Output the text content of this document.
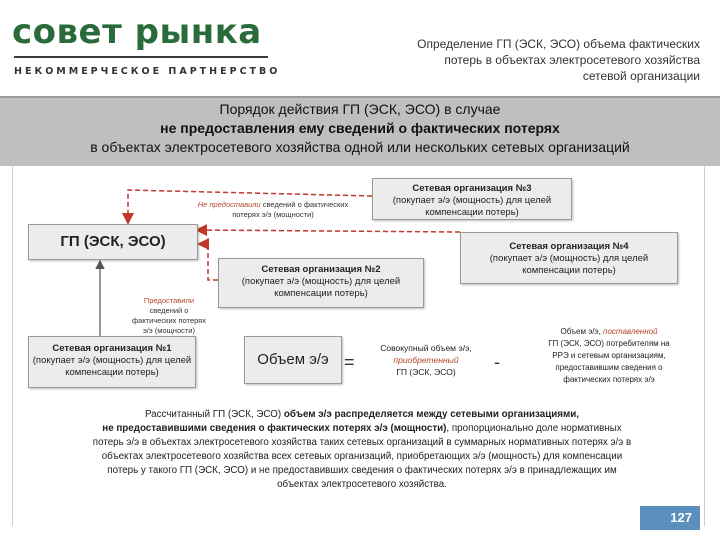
совет рынка
НЕКОММЕРЧЕСКОЕ ПАРТНЕРСТВО
Определение ГП (ЭСК, ЭСО) объема фактических
потерь в объектах электросетевого хозяйства
сетевой организации
Порядок действия ГП (ЭСК, ЭСО) в случае
не предоставления ему сведений о фактических потерях
в объектах электросетевого хозяйства одной или нескольких сетевых организаций
ГП (ЭСК, ЭСО)
Сетевая организация №3
(покупает э/э (мощность) для целей
компенсации потерь)
Сетевая организация №4
(покупает э/э (мощность) для целей
компенсации потерь)
Сетевая организация №2
(покупает э/э (мощность) для целей
компенсации потерь)
Сетевая организация №1
(покупает э/э (мощность) для целей
компенсации потерь)
Не предоставили сведений о фактических
потерях э/э (мощности)
Предоставили
сведений о
фактических потерях
э/э (мощности)
Объем э/э =
Совокупный объем э/э,
приобретенный
ГП (ЭСК, ЭСО)	-
Объем э/э, поставленной
ГП (ЭСК, ЭСО) потребителям на
РРЭ и сетевым организациям,
предоставившим сведения о
фактических потерях э/э
Рассчитанный ГП (ЭСК, ЭСО) объем э/э распределяется между сетевыми организациями,
не предоставившими сведения о фактических потерях э/э (мощности), пропорционально доле нормативных
потерь э/э в объектах электросетевого хозяйства таких сетевых организаций в суммарных нормативных потерях э/э в
объектах электросетевого хозяйства всех сетевых организаций, приобретающих э/э (мощность) для компенсации
потерь у такого ГП (ЭСК, ЭСО) и не предоставивших сведения о фактических потерях э/э в принадлежащих им
объектах электросетевого хозяйства.
127
